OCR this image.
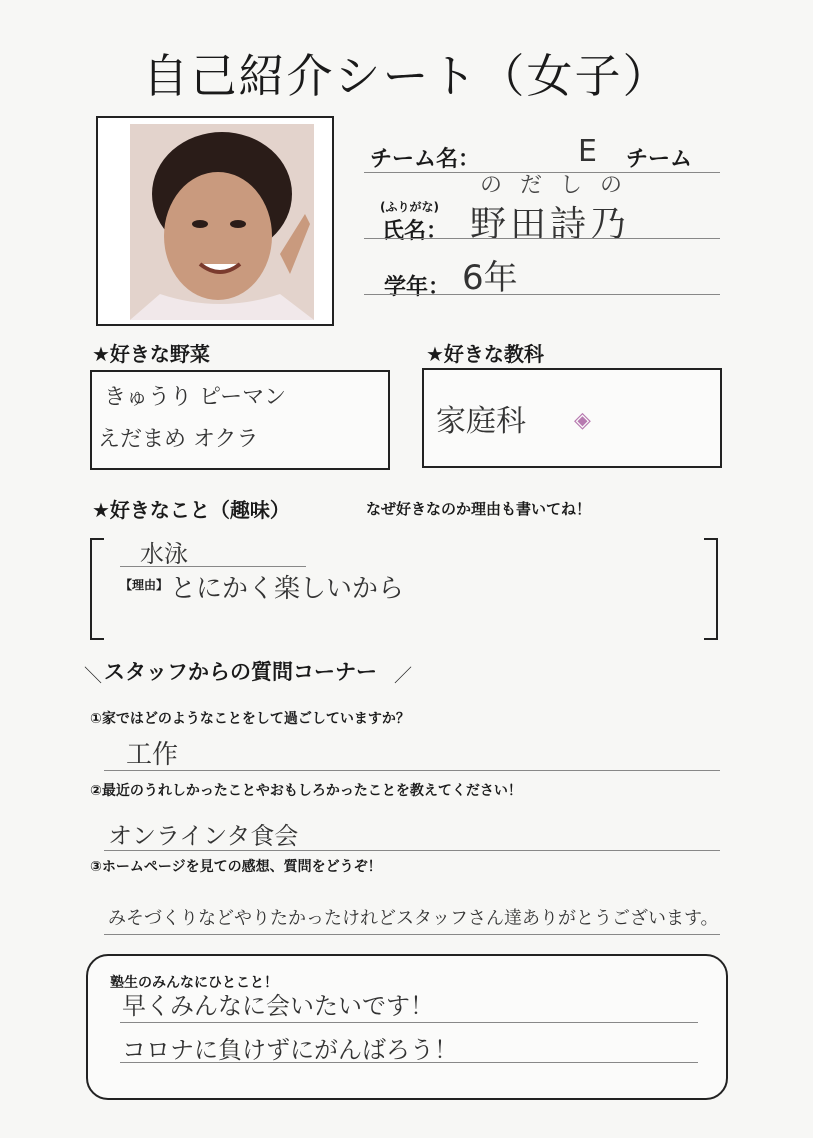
自己紹介シート（女子）
チーム名：	E チーム
(ふりがな)
のだしの
氏名： 野田詩乃
学年： 6年
★好きな野菜
きゅうり ピーマン
えだまめ オクラ
★好きな教科
家庭科 ◈
★好きなこと（趣味）	なぜ好きなのか理由も書いてね！
水泳
【理由】 とにかく楽しいから
＼ スタッフからの質問コーナー ／
①家ではどのようなことをして過ごしていますか？
工作
②最近のうれしかったことやおもしろかったことを教えてください！
オンラインタ食会
③ホームページを見ての感想、質問をどうぞ！
みそづくりなどやりたかったけれどスタッフさん達ありがとうございます。
塾生のみんなにひとこと！
早くみんなに会いたいです！
コロナに負けずにがんばろう！
